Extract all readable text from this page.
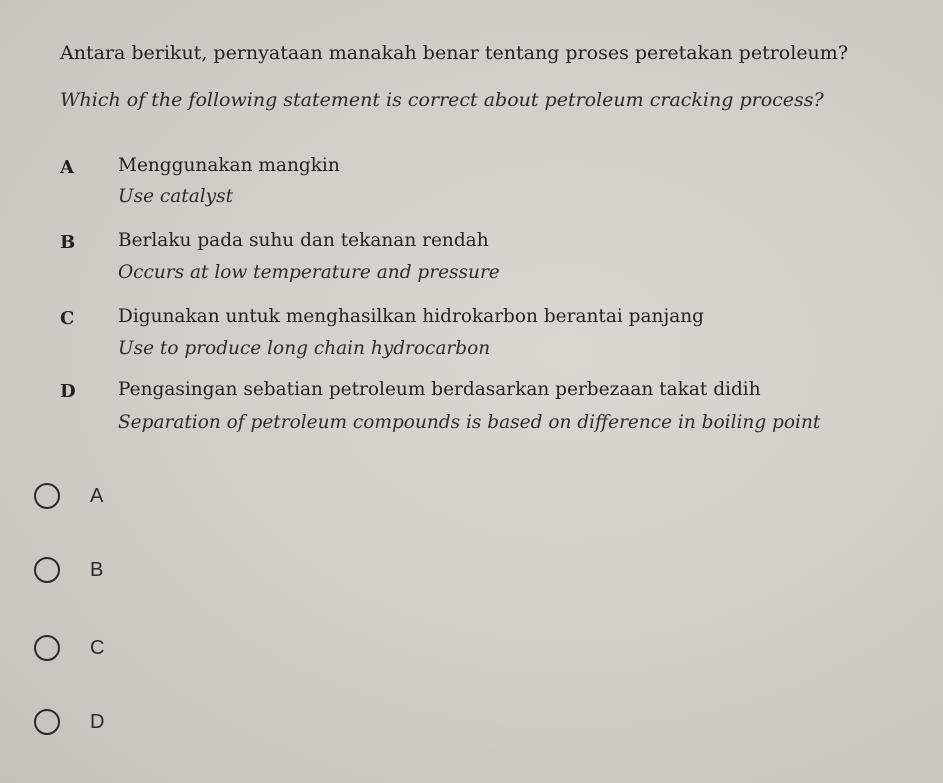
Antara berikut, pernyataan manakah benar tentang proses peretakan petroleum?
Which of the following statement is correct about petroleum cracking process?
A Menggunakan mangkin
Use catalyst
B Berlaku pada suhu dan tekanan rendah
Occurs at low temperature and pressure
C Digunakan untuk menghasilkan hidrokarbon berantai panjang
Use to produce long chain hydrocarbon
D Pengasingan sebatian petroleum berdasarkan perbezaan takat didih
Separation of petroleum compounds is based on difference in boiling point
A
B
C
D
